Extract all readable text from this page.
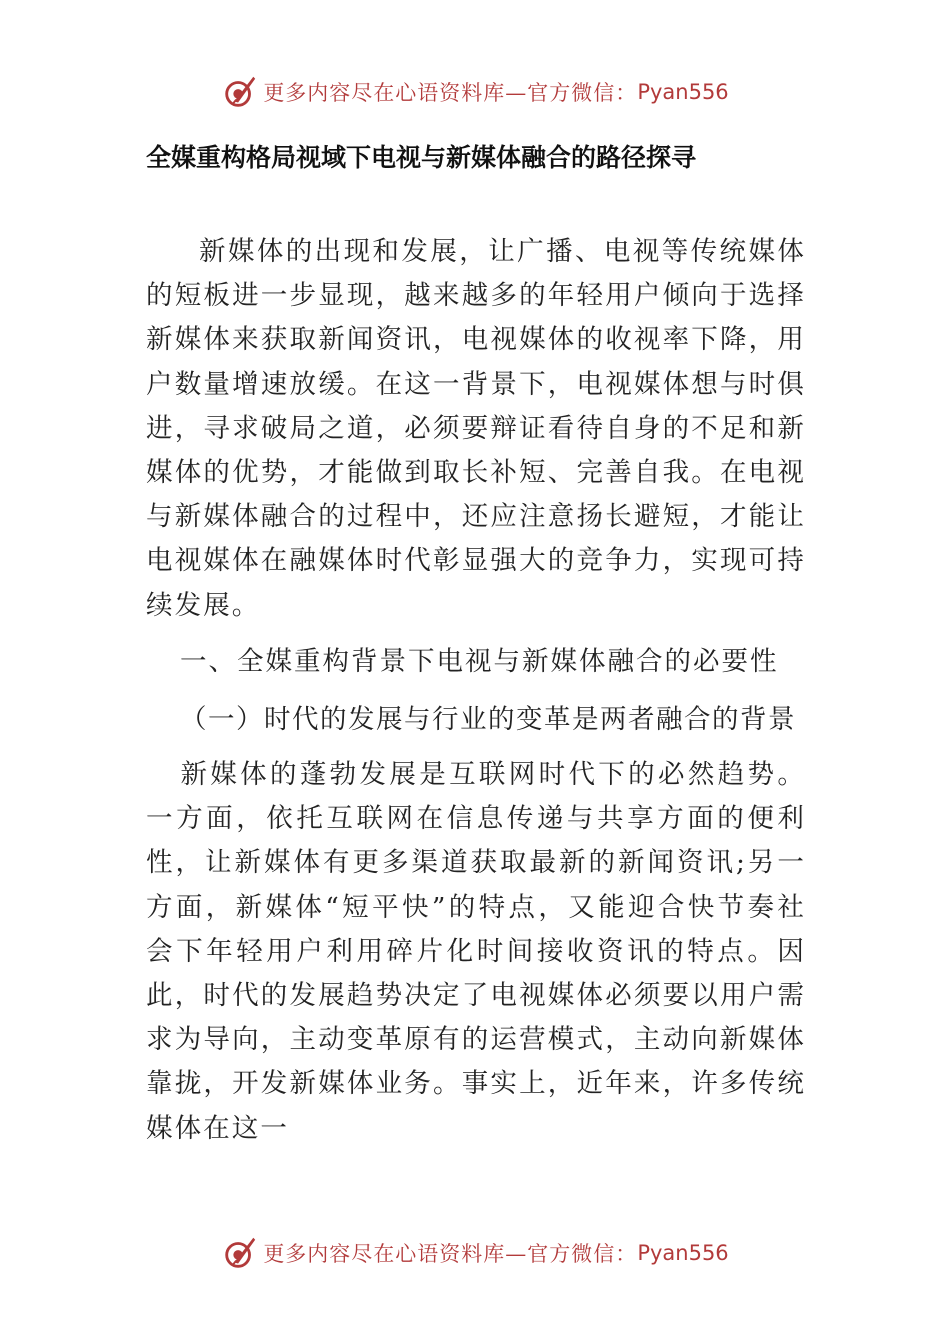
更多内容尽在心语资料库—官方微信： Pyan556
全媒重构格局视域下电视与新媒体融合的路径探寻

新媒体的出现和发展，让广播、电视等传统媒体的短板进一步显现，越来越多的年轻用户倾向于选择新媒体来获取新闻资讯，电视媒体的收视率下降，用户数量增速放缓。在这一背景下，电视媒体想与时俱进，寻求破局之道，必须要辩证看待自身的不足和新媒体的优势，才能做到取长补短、完善自我。在电视与新媒体融合的过程中，还应注意扬长避短，才能让电视媒体在融媒体时代彰显强大的竞争力，实现可持续发展。

一、全媒重构背景下电视与新媒体融合的必要性

（一）时代的发展与行业的变革是两者融合的背景

新媒体的蓬勃发展是互联网时代下的必然趋势。一方面，依托互联网在信息传递与共享方面的便利性，让新媒体有更多渠道获取最新的新闻资讯;另一方面，新媒体“短平快”的特点，又能迎合快节奏社会下年轻用户利用碎片化时间接收资讯的特点。因此，时代的发展趋势决定了电视媒体必须要以用户需求为导向，主动变革原有的运营模式，主动向新媒体靠拢，开发新媒体业务。事实上，近年来，许多传统媒体在这一

更多内容尽在心语资料库—官方微信： Pyan556
